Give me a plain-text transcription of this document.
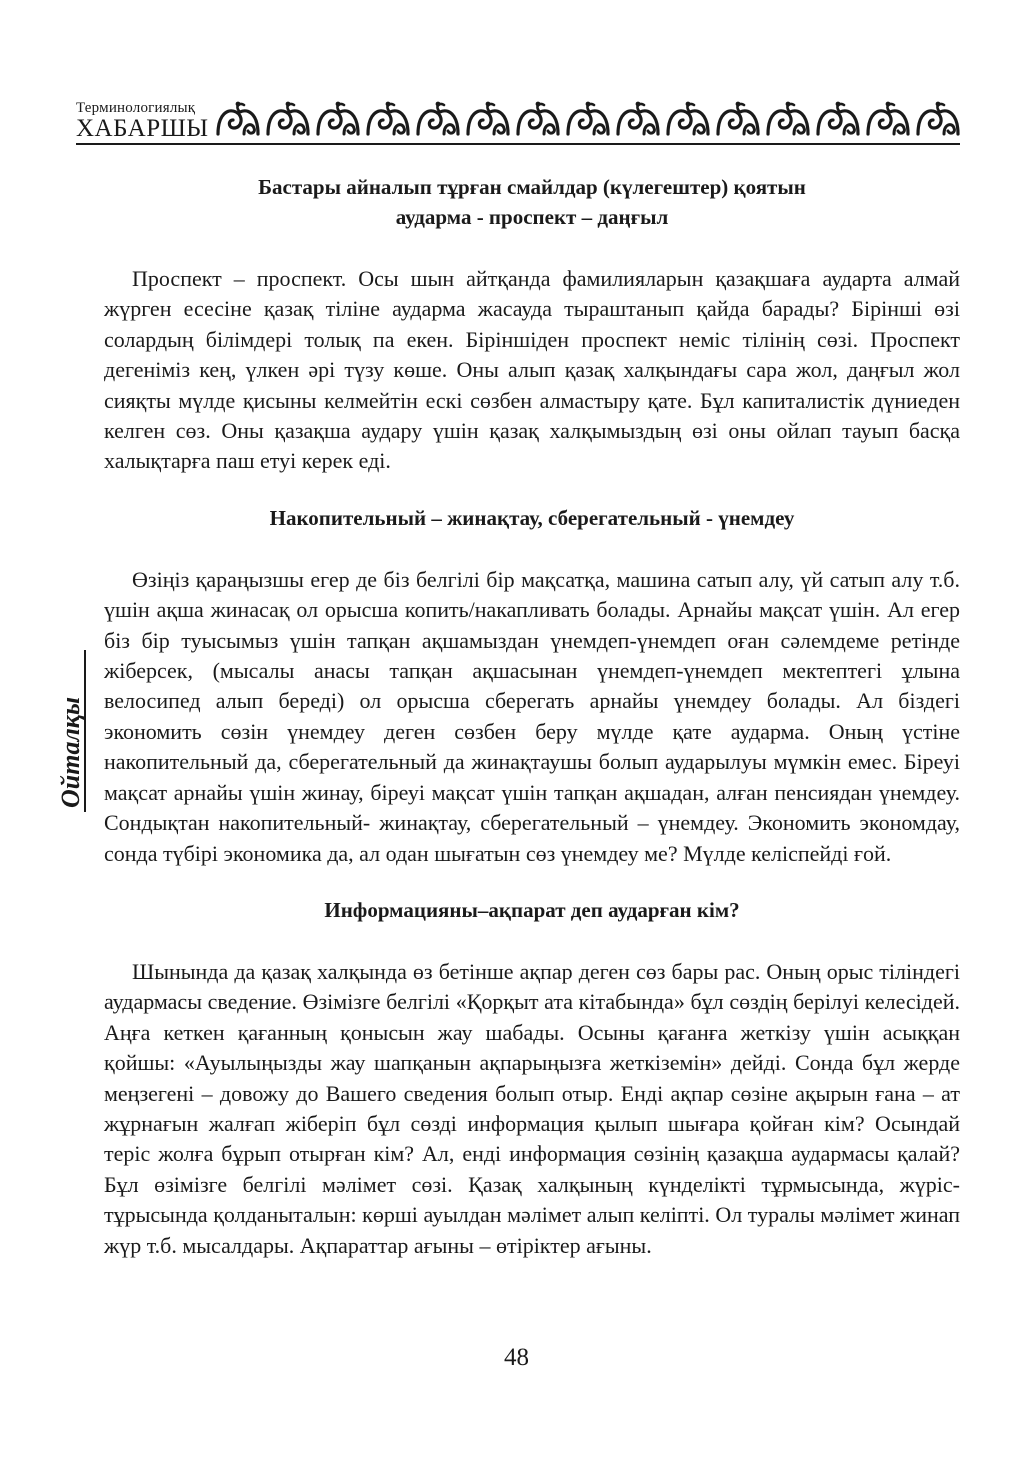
Терминологиялық
ХАБАРШЫ
Ойталқы
Бастары айналып тұрған смайлдар (күлегештер) қоятын
аударма - проспект – даңғыл

Проспект – проспект. Осы шын айтқанда фамилияларын қазақшаға аудартa алмай жүрген есесіне қазақ тіліне аударма жасауда тыраштанып қайда барады? Бірінші өзі солардың білімдері толық па екен. Біріншіден проспект неміс тілінің сөзі. Проспект дегеніміз кең, үлкен әрі түзу көше. Оны алып қазақ халқындағы сара жол, даңғыл жол сияқты мүлде қисыны келмейтін ескі сөзбен алмастыру қате. Бұл капиталистік дүниеден келген сөз. Оны қазақша аудару үшін қазақ халқымыздың өзі оны ойлап тауып басқа халықтарға паш етуі керек еді.

Накопительный – жинақтау, сберегательный - үнемдеу

Өзіңіз қараңызшы егер де біз белгілі бір мақсатқа, машина сатып алу, үй сатып алу т.б. үшін ақша жинасақ ол орысша копить/накапливать болады. Арнайы мақсат үшін. Ал егер біз бір туысымыз үшін тапқан ақшамыздан үнемдеп-үнемдеп оған сәлемдеме ретінде жіберсек, (мысалы анасы тапқан ақшасынан үнемдеп-үнемдеп мектептегі ұлына велосипед алып береді) ол орысша сберегать арнайы үнемдеу болады. Ал біздегі экономить сөзін үнемдеу деген сөзбен беру мүлде қате аударма. Оның үстіне накопительный да, сберегательный да жинақтаушы болып аударылуы мүмкін емес. Біреуі мақсат арнайы үшін жинау, біреуі мақсат үшін тапқан ақшадан, алған пенсиядан үнемдеу. Сондықтан накопительный- жинақтау, сберегательный – үнемдеу. Экономить экономдау, сонда түбірі экономика да, ал одан шығатын сөз үнемдеу ме? Мүлде келіспейді ғой.

Информацияны–ақпарат деп аударған кім?

Шынында да қазақ халқында өз бетінше ақпар деген сөз бары рас. Оның орыс тіліндегі аудармасы сведение. Өзімізге белгілі «Қорқыт ата кітабында» бұл сөздің берілуі келесідей. Аңға кеткен қағанның қонысын жау шабады. Осыны қағанға жеткізу үшін асыққан қойшы: «Ауылыңызды жау шапқанын ақпарыңызға жеткіземін» дейді. Сонда бұл жерде меңзегені – довожу до Вашего сведения болып отыр. Енді ақпар сөзіне ақырын ғана – ат жұрнағын жалғап жіберіп бұл сөзді информация қылып шығара қойған кім? Осындай теріс жолға бұрып отырған кім? Ал, енді информация сөзінің қазақша аудармасы қалай? Бұл өзімізге белгілі мәлімет сөзі. Қазақ халқының күнделікті тұрмысында, жүріс-тұрысында қолданыталын: көрші ауылдан мәлімет алып келіпті. Ол туралы мәлімет жинап жүр т.б. мысалдары. Ақпараттар ағыны – өтіріктер ағыны.

48
